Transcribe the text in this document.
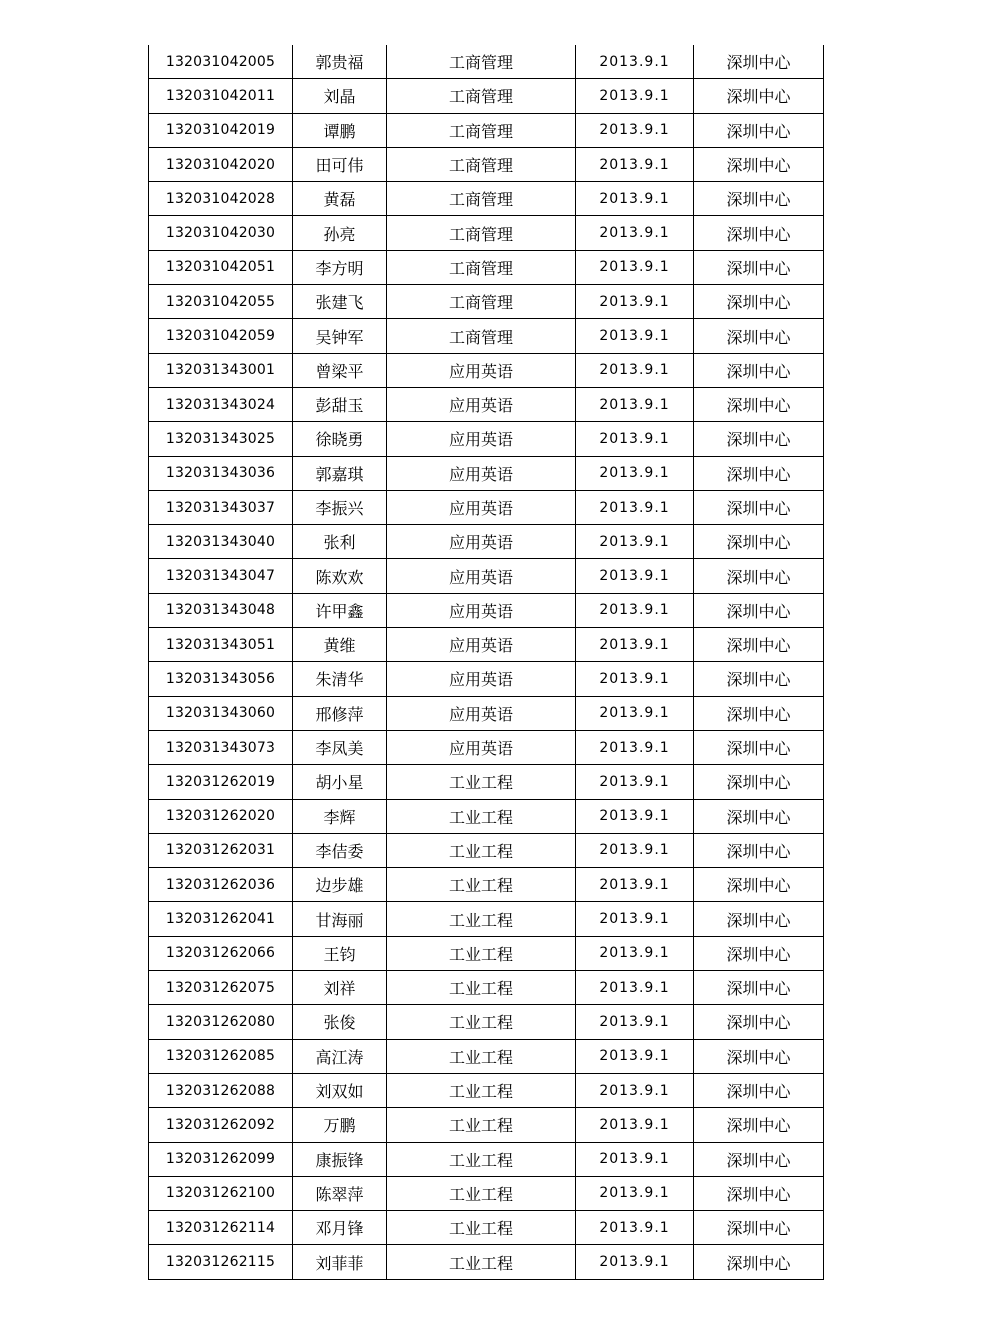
132031042005	郭贵福	工商管理	2013.9.1	深圳中心
132031042011	刘晶	工商管理	2013.9.1	深圳中心
132031042019	谭鹏	工商管理	2013.9.1	深圳中心
132031042020	田可伟	工商管理	2013.9.1	深圳中心
132031042028	黄磊	工商管理	2013.9.1	深圳中心
132031042030	孙亮	工商管理	2013.9.1	深圳中心
132031042051	李方明	工商管理	2013.9.1	深圳中心
132031042055	张建飞	工商管理	2013.9.1	深圳中心
132031042059	吴钟军	工商管理	2013.9.1	深圳中心
132031343001	曾梁平	应用英语	2013.9.1	深圳中心
132031343024	彭甜玉	应用英语	2013.9.1	深圳中心
132031343025	徐晓勇	应用英语	2013.9.1	深圳中心
132031343036	郭嘉琪	应用英语	2013.9.1	深圳中心
132031343037	李振兴	应用英语	2013.9.1	深圳中心
132031343040	张利	应用英语	2013.9.1	深圳中心
132031343047	陈欢欢	应用英语	2013.9.1	深圳中心
132031343048	许甲鑫	应用英语	2013.9.1	深圳中心
132031343051	黄维	应用英语	2013.9.1	深圳中心
132031343056	朱清华	应用英语	2013.9.1	深圳中心
132031343060	邢修萍	应用英语	2013.9.1	深圳中心
132031343073	李凤美	应用英语	2013.9.1	深圳中心
132031262019	胡小星	工业工程	2013.9.1	深圳中心
132031262020	李辉	工业工程	2013.9.1	深圳中心
132031262031	李佶委	工业工程	2013.9.1	深圳中心
132031262036	边步雄	工业工程	2013.9.1	深圳中心
132031262041	甘海丽	工业工程	2013.9.1	深圳中心
132031262066	王钧	工业工程	2013.9.1	深圳中心
132031262075	刘祥	工业工程	2013.9.1	深圳中心
132031262080	张俊	工业工程	2013.9.1	深圳中心
132031262085	高江涛	工业工程	2013.9.1	深圳中心
132031262088	刘双如	工业工程	2013.9.1	深圳中心
132031262092	万鹏	工业工程	2013.9.1	深圳中心
132031262099	康振锋	工业工程	2013.9.1	深圳中心
132031262100	陈翠萍	工业工程	2013.9.1	深圳中心
132031262114	邓月锋	工业工程	2013.9.1	深圳中心
132031262115	刘菲菲	工业工程	2013.9.1	深圳中心
